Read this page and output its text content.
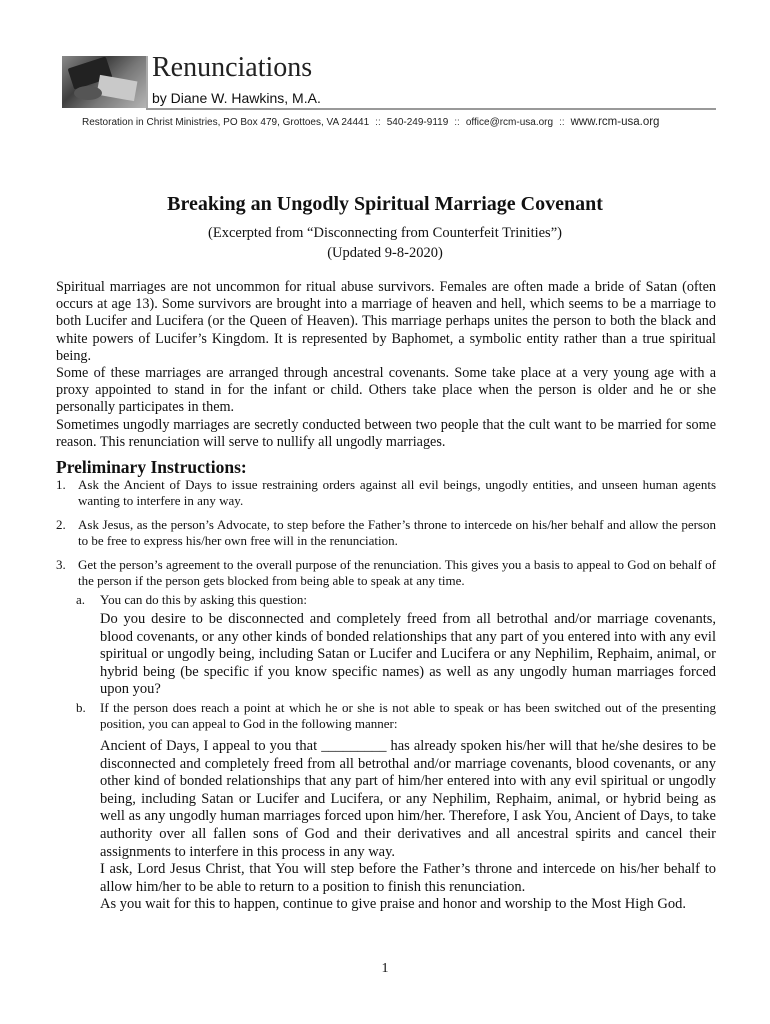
Renunciations
by Diane W. Hawkins, M.A.
Restoration in Christ Ministries, PO Box 479, Grottoes, VA 24441 :: 540-249-9119 :: office@rcm-usa.org :: www.rcm-usa.org
Breaking an Ungodly Spiritual Marriage Covenant
(Excerpted from “Disconnecting from Counterfeit Trinities”)
(Updated 9-8-2020)

Spiritual marriages are not uncommon for ritual abuse survivors. Females are often made a bride of Satan (often occurs at age 13). Some survivors are brought into a marriage of heaven and hell, which seems to be a marriage to both Lucifer and Lucifera (or the Queen of Heaven). This marriage perhaps unites the person to both the black and white powers of Lucifer’s Kingdom. It is represented by Baphomet, a symbolic entity rather than a true spiritual being.

Some of these marriages are arranged through ancestral covenants. Some take place at a very young age with a proxy appointed to stand in for the infant or child. Others take place when the person is older and he or she personally participates in them.

Sometimes ungodly marriages are secretly conducted between two people that the cult want to be married for some reason. This renunciation will serve to nullify all ungodly marriages.

Preliminary Instructions:
1. Ask the Ancient of Days to issue restraining orders against all evil beings, ungodly entities, and unseen human agents wanting to interfere in any way.
2. Ask Jesus, as the person’s Advocate, to step before the Father’s throne to intercede on his/her behalf and allow the person to be free to express his/her own free will in the renunciation.
3. Get the person’s agreement to the overall purpose of the renunciation. This gives you a basis to appeal to God on behalf of the person if the person gets blocked from being able to speak at any time.
a. You can do this by asking this question:
Do you desire to be disconnected and completely freed from all betrothal and/or marriage covenants, blood covenants, or any other kinds of bonded relationships that any part of you entered into with any evil spiritual or ungodly being, including Satan or Lucifer and Lucifera or any Nephilim, Rephaim, animal, or hybrid being (be specific if you know specific names) as well as any ungodly human marriages forced upon you?
b. If the person does reach a point at which he or she is not able to speak or has been switched out of the presenting position, you can appeal to God in the following manner:

Ancient of Days, I appeal to you that _________ has already spoken his/her will that he/she desires to be disconnected and completely freed from all betrothal and/or marriage covenants, blood covenants, or any other kind of bonded relationships that any part of him/her entered into with any evil spiritual or ungodly being, including Satan or Lucifer and Lucifera, or any Nephilim, Rephaim, animal, or hybrid being as well as any ungodly human marriages forced upon him/her. Therefore, I ask You, Ancient of Days, to take authority over all fallen sons of God and their derivatives and all ancestral spirits and cancel their assignments to interfere in this process in any way.

I ask, Lord Jesus Christ, that You will step before the Father’s throne and intercede on his/her behalf to allow him/her to be able to return to a position to finish this renunciation.

As you wait for this to happen, continue to give praise and honor and worship to the Most High God.

1
